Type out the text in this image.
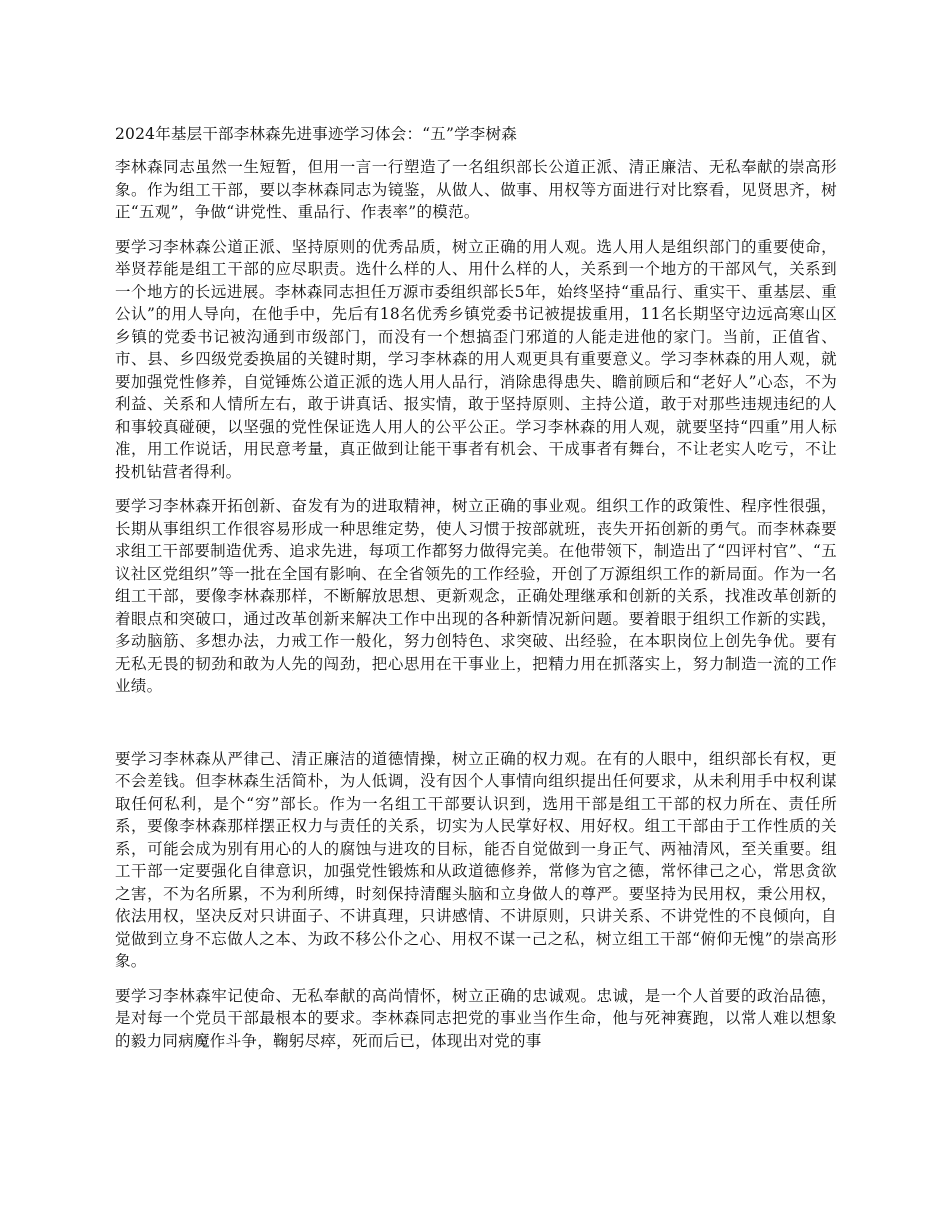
2024年基层干部李林森先进事迹学习体会：“五”学李树森

李林森同志虽然一生短暂，但用一言一行塑造了一名组织部长公道正派、清正廉洁、无私奉献的崇高形象。作为组工干部，要以李林森同志为镜鉴，从做人、做事、用权等方面进行对比察看，见贤思齐，树正“五观”，争做“讲党性、重品行、作表率”的模范。

要学习李林森公道正派、坚持原则的优秀品质，树立正确的用人观。选人用人是组织部门的重要使命，举贤荐能是组工干部的应尽职责。选什么样的人、用什么样的人，关系到一个地方的干部风气，关系到一个地方的长远进展。李林森同志担任万源市委组织部长5年，始终坚持“重品行、重实干、重基层、重公认”的用人导向，在他手中，先后有18名优秀乡镇党委书记被提拔重用，11名长期坚守边远高寒山区乡镇的党委书记被沟通到市级部门，而没有一个想搞歪门邪道的人能走进他的家门。当前，正值省、市、县、乡四级党委换届的关键时期，学习李林森的用人观更具有重要意义。学习李林森的用人观，就要加强党性修养，自觉锤炼公道正派的选人用人品行，消除患得患失、瞻前顾后和“老好人”心态，不为利益、关系和人情所左右，敢于讲真话、报实情，敢于坚持原则、主持公道，敢于对那些违规违纪的人和事较真碰硬，以坚强的党性保证选人用人的公平公正。学习李林森的用人观，就要坚持“四重”用人标准，用工作说话，用民意考量，真正做到让能干事者有机会、干成事者有舞台，不让老实人吃亏，不让投机钻营者得利。

要学习李林森开拓创新、奋发有为的进取精神，树立正确的事业观。组织工作的政策性、程序性很强，长期从事组织工作很容易形成一种思维定势，使人习惯于按部就班，丧失开拓创新的勇气。而李林森要求组工干部要制造优秀、追求先进，每项工作都努力做得完美。在他带领下，制造出了“四评村官”、“五议社区党组织”等一批在全国有影响、在全省领先的工作经验，开创了万源组织工作的新局面。作为一名组工干部，要像李林森那样，不断解放思想、更新观念，正确处理继承和创新的关系，找准改革创新的着眼点和突破口，通过改革创新来解决工作中出现的各种新情况新问题。要着眼于组织工作新的实践，多动脑筋、多想办法，力戒工作一般化，努力创特色、求突破、出经验，在本职岗位上创先争优。要有无私无畏的韧劲和敢为人先的闯劲，把心思用在干事业上，把精力用在抓落实上，努力制造一流的工作业绩。

要学习李林森从严律己、清正廉洁的道德情操，树立正确的权力观。在有的人眼中，组织部长有权，更不会差钱。但李林森生活简朴，为人低调，没有因个人事情向组织提出任何要求，从未利用手中权利谋取任何私利，是个“穷”部长。作为一名组工干部要认识到，选用干部是组工干部的权力所在、责任所系，要像李林森那样摆正权力与责任的关系，切实为人民掌好权、用好权。组工干部由于工作性质的关系，可能会成为别有用心的人的腐蚀与进攻的目标，能否自觉做到一身正气、两袖清风，至关重要。组工干部一定要强化自律意识，加强党性锻炼和从政道德修养，常修为官之德，常怀律己之心，常思贪欲之害，不为名所累，不为利所缚，时刻保持清醒头脑和立身做人的尊严。要坚持为民用权，秉公用权，依法用权，坚决反对只讲面子、不讲真理，只讲感情、不讲原则，只讲关系、不讲党性的不良倾向，自觉做到立身不忘做人之本、为政不移公仆之心、用权不谋一己之私，树立组工干部“俯仰无愧”的崇高形象。

要学习李林森牢记使命、无私奉献的高尚情怀，树立正确的忠诚观。忠诚，是一个人首要的政治品德，是对每一个党员干部最根本的要求。李林森同志把党的事业当作生命，他与死神赛跑，以常人难以想象的毅力同病魔作斗争，鞠躬尽瘁，死而后已，体现出对党的事
